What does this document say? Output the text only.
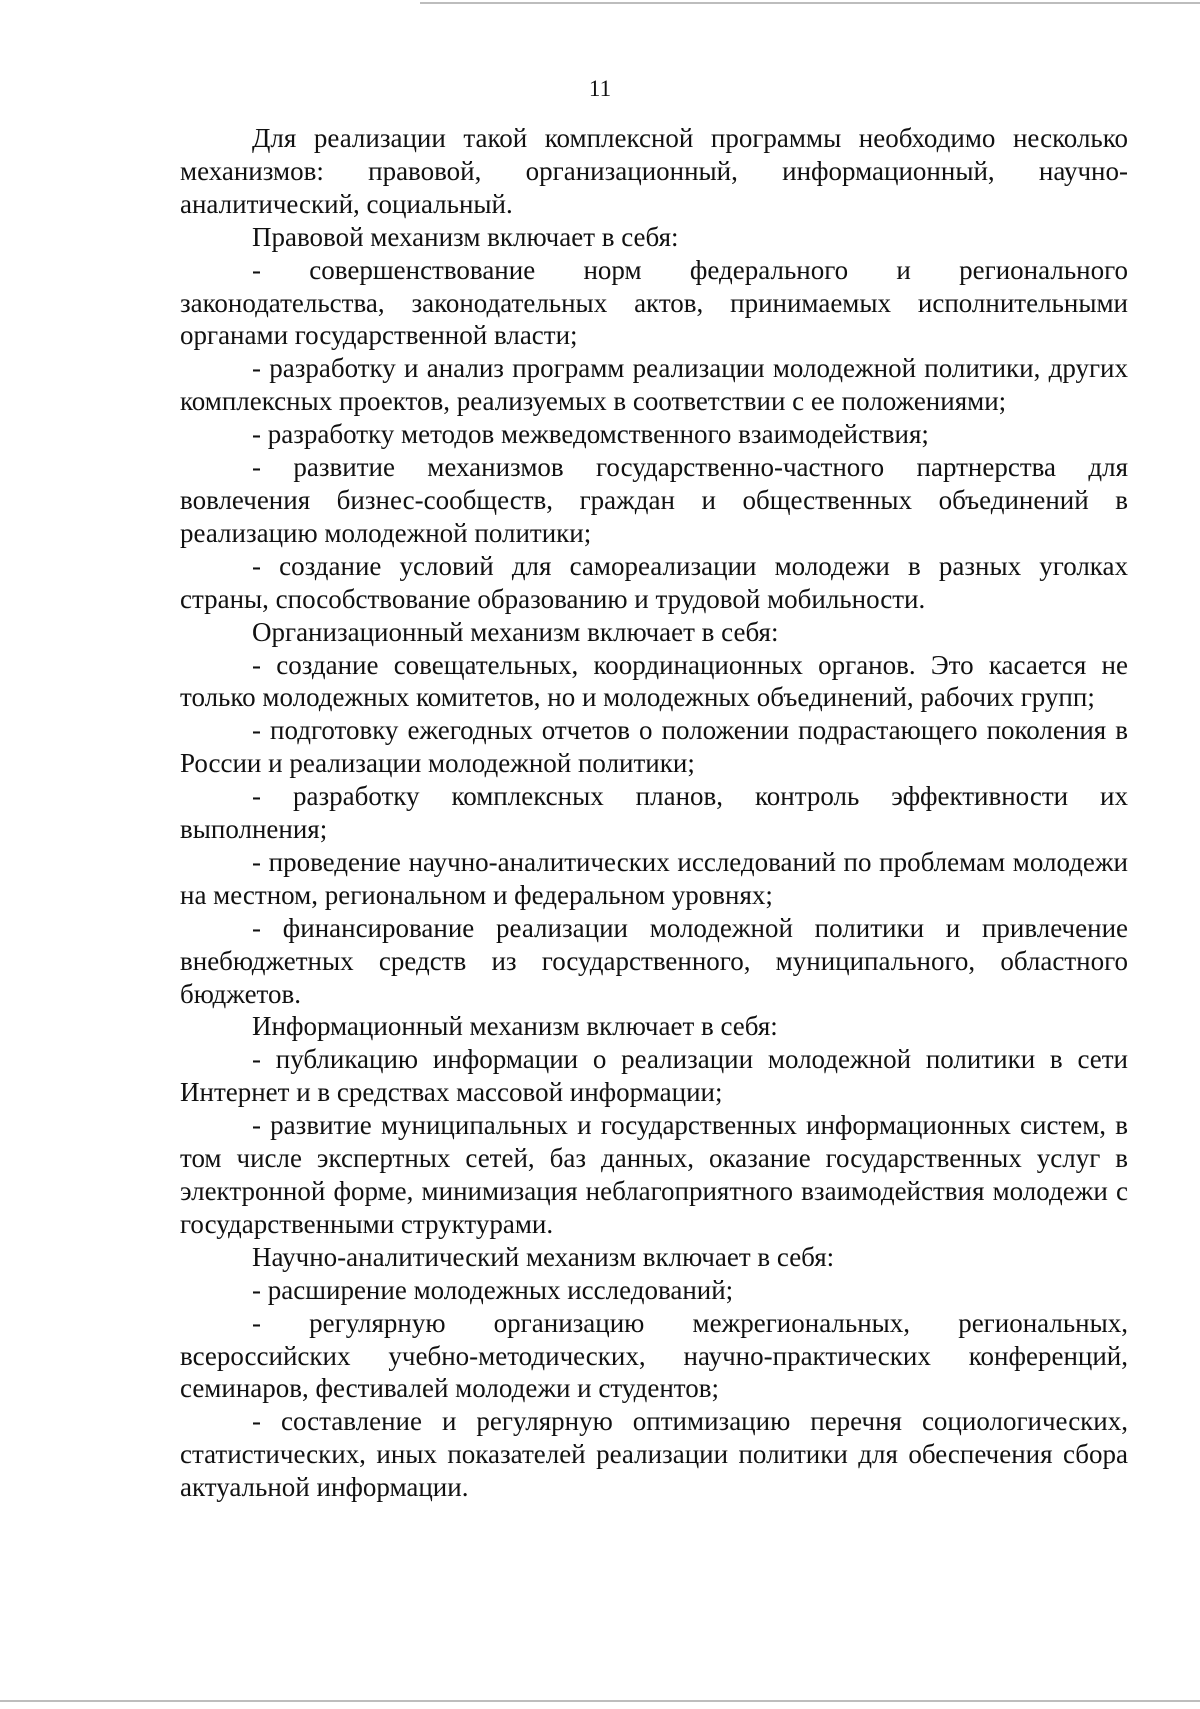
11

Для реализации такой комплексной программы необходимо несколько механизмов: правовой, организационный, информационный, научно-аналитический, социальный.

Правовой механизм включает в себя:

- совершенствование норм федерального и регионального законодательства, законодательных актов, принимаемых исполнительными органами государственной власти;

- разработку и анализ программ реализации молодежной политики, других комплексных проектов, реализуемых в соответствии с ее положениями;

- разработку методов межведомственного взаимодействия;

- развитие механизмов государственно-частного партнерства для вовлечения бизнес-сообществ, граждан и общественных объединений в реализацию молодежной политики;

- создание условий для самореализации молодежи в разных уголках страны, способствование образованию и трудовой мобильности.

Организационный механизм включает в себя:

- создание совещательных, координационных органов. Это касается не только молодежных комитетов, но и молодежных объединений, рабочих групп;

- подготовку ежегодных отчетов о положении подрастающего поколения в России и реализации молодежной политики;

- разработку комплексных планов, контроль эффективности их выполнения;

- проведение научно-аналитических исследований по проблемам молодежи на местном, региональном и федеральном уровнях;

- финансирование реализации молодежной политики и привлечение внебюджетных средств из государственного, муниципального, областного бюджетов.

Информационный механизм включает в себя:

- публикацию информации о реализации молодежной политики в сети Интернет и в средствах массовой информации;

- развитие муниципальных и государственных информационных систем, в том числе экспертных сетей, баз данных, оказание государственных услуг в электронной форме, минимизация неблагоприятного взаимодействия молодежи с государственными структурами.

Научно-аналитический механизм включает в себя:

- расширение молодежных исследований;

- регулярную организацию межрегиональных, региональных, всероссийских учебно-методических, научно-практических конференций, семинаров, фестивалей молодежи и студентов;

- составление и регулярную оптимизацию перечня социологических, статистических, иных показателей реализации политики для обеспечения сбора актуальной информации.
